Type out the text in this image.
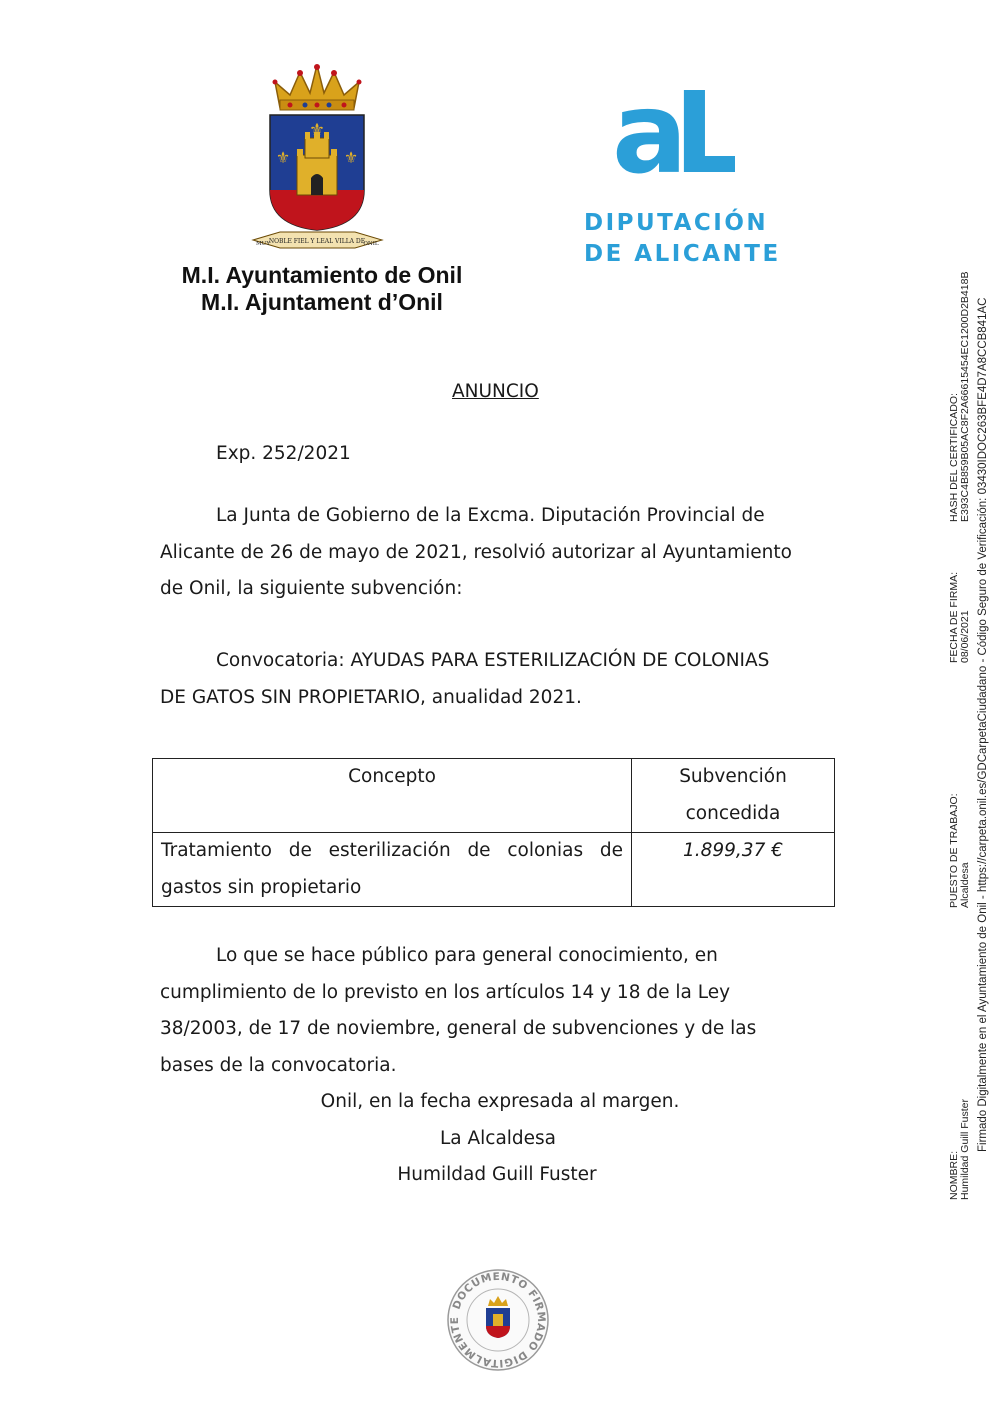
⚜
⚜	⚜
NOBLE FIEL Y LEAL VILLA DE
MUY	ONIL
M.I. Ayuntamiento de Onil
M.I. Ajuntament d’Onil
aL
DIPUTACIÓN
DE ALICANTE
ANUNCIO
Exp. 252/2021
La Junta de Gobierno de la Excma. Diputación Provincial de
Alicante de 26 de mayo de 2021, resolvió autorizar al Ayuntamiento
de Onil, la siguiente subvención:
Convocatoria: AYUDAS PARA ESTERILIZACIÓN DE COLONIAS
DE GATOS SIN PROPIETARIO, anualidad 2021.
Concepto	Subvención concedida
Tratamiento de esterilización de colonias de gastos sin propietario	1.899,37 €
Lo que se hace público para general conocimiento, en
cumplimiento de lo previsto en los artículos 14 y 18 de la Ley
38/2003, de 17 de noviembre, general de subvenciones y de las
bases de la convocatoria.
Onil, en la fecha expresada al margen.
La Alcaldesa
Humildad Guill Fuster
DOCUMENTO FIRMADO DIGITALMENTE
NOMBRE: Humildad Guill Fuster
PUESTO DE TRABAJO: Alcaldesa
FECHA DE FIRMA: 08/06/2021
HASH DEL CERTIFICADO: E393C4B859B05AC8F2A66615454EC1200D2B418B Firmado Digitalmente en el Ayuntamiento de Onil - https://carpeta.onil.es/GDCarpetaCiudadano - Código Seguro de Verificación: 03430IDOC263BFE4D7A8CCB841AC
